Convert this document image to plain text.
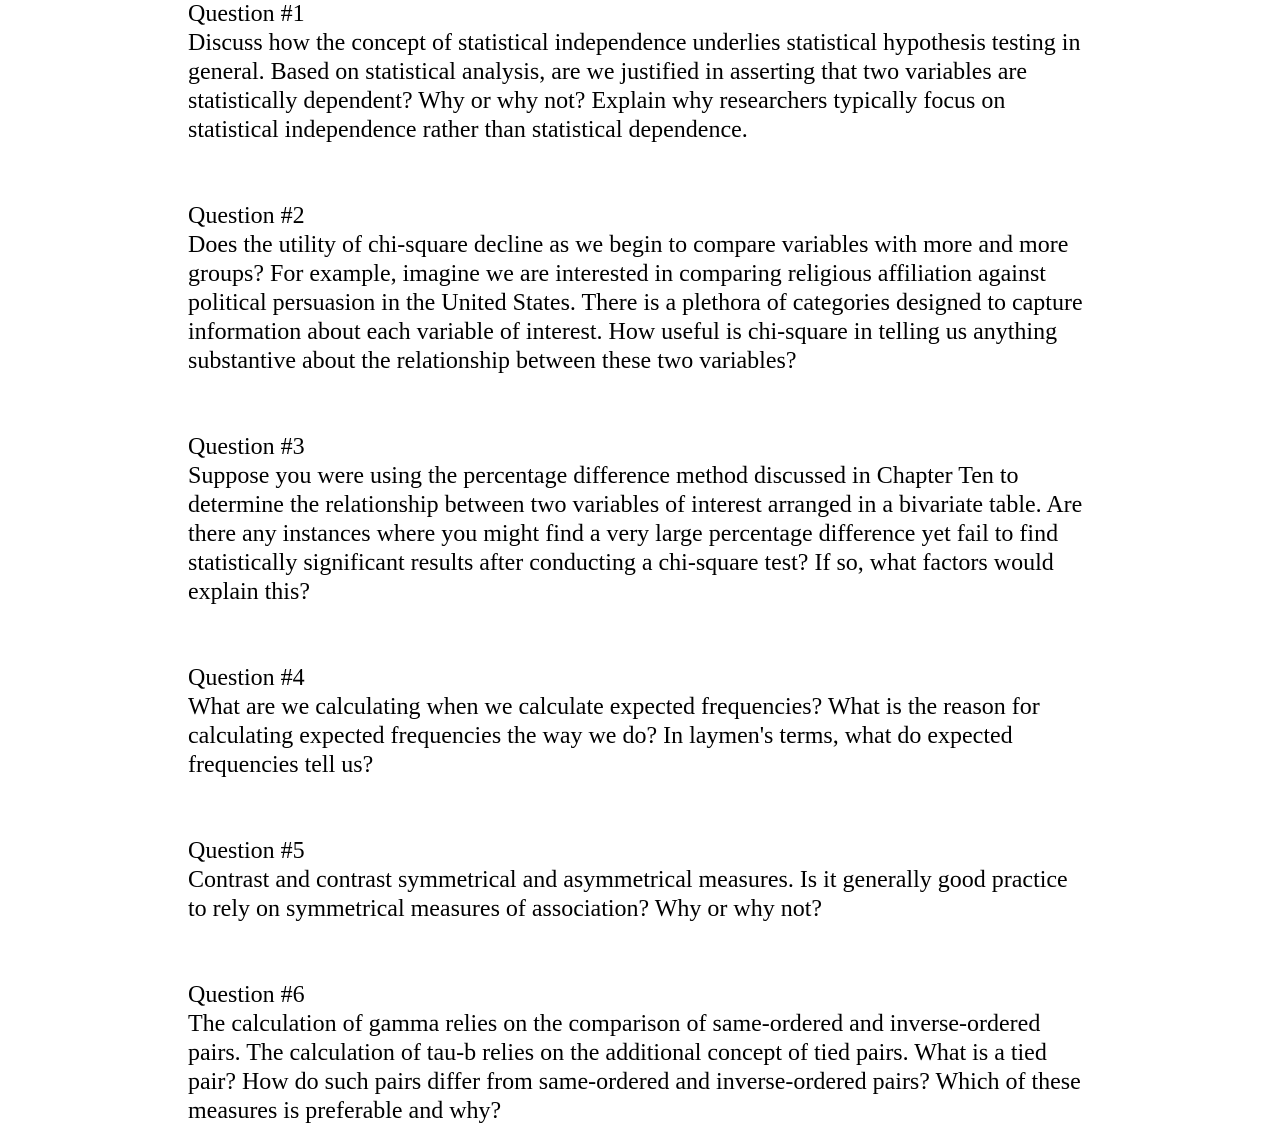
Question #1

Discuss how the concept of statistical independence underlies statistical hypothesis testing in general. Based on statistical analysis, are we justified in asserting that two variables are statistically dependent? Why or why not? Explain why researchers typically focus on statistical independence rather than statistical dependence.

Question #2

Does the utility of chi-square decline as we begin to compare variables with more and more groups? For example, imagine we are interested in comparing religious affiliation against political persuasion in the United States. There is a plethora of categories designed to capture information about each variable of interest. How useful is chi-square in telling us anything substantive about the relationship between these two variables?

Question #3

Suppose you were using the percentage difference method discussed in Chapter Ten to determine the relationship between two variables of interest arranged in a bivariate table. Are there any instances where you might find a very large percentage difference yet fail to find statistically significant results after conducting a chi-square test? If so, what factors would explain this?

Question #4

What are we calculating when we calculate expected frequencies? What is the reason for calculating expected frequencies the way we do? In laymen's terms, what do expected frequencies tell us?

Question #5

Contrast and contrast symmetrical and asymmetrical measures. Is it generally good practice to rely on symmetrical measures of association? Why or why not?

Question #6

The calculation of gamma relies on the comparison of same-ordered and inverse-ordered pairs. The calculation of tau-b relies on the additional concept of tied pairs. What is a tied pair? How do such pairs differ from same-ordered and inverse-ordered pairs? Which of these measures is preferable and why?
